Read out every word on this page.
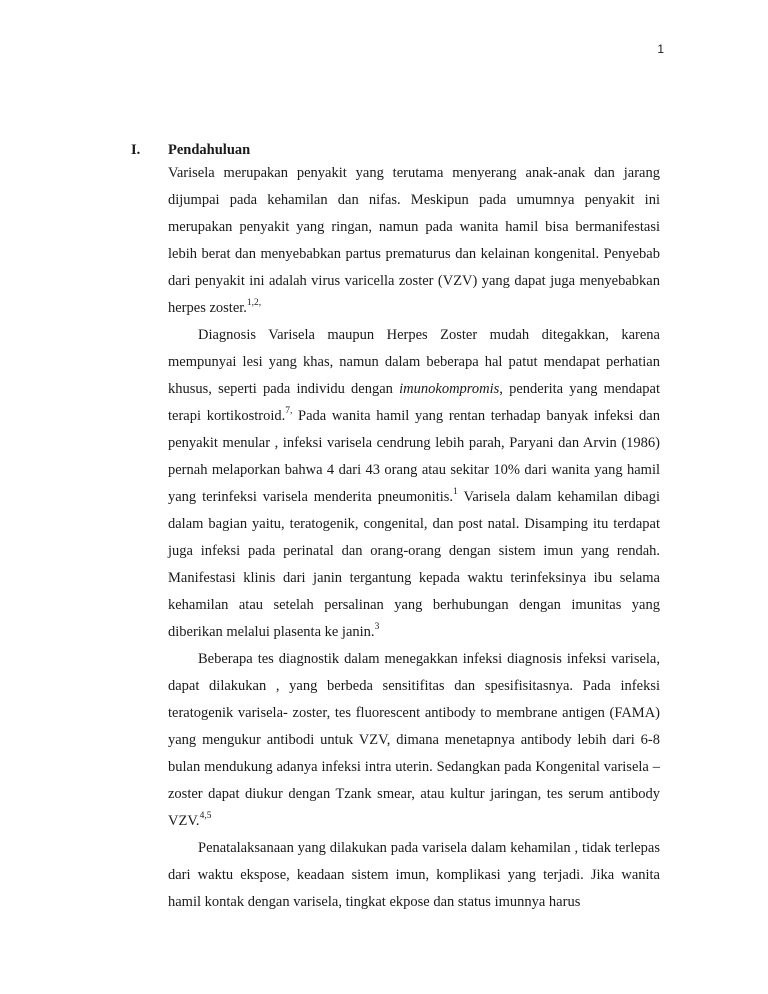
1
I. Pendahuluan

Varisela merupakan penyakit yang terutama menyerang anak-anak dan jarang dijumpai pada kehamilan dan nifas. Meskipun pada umumnya penyakit ini merupakan penyakit yang ringan, namun pada wanita hamil bisa bermanifestasi lebih berat dan menyebabkan partus prematurus dan kelainan kongenital. Penyebab dari penyakit ini adalah virus varicella zoster (VZV) yang dapat juga menyebabkan herpes zoster.$^{1,2,}$

Diagnosis Varisela maupun Herpes Zoster mudah ditegakkan, karena mempunyai lesi yang khas, namun dalam beberapa hal patut mendapat perhatian khusus, seperti pada individu dengan imunokompromis, penderita yang mendapat terapi kortikostroid.$^{7,}$ Pada wanita hamil yang rentan terhadap banyak infeksi dan penyakit menular , infeksi varisela cendrung lebih parah, Paryani dan Arvin (1986) pernah melaporkan bahwa 4 dari 43 orang atau sekitar 10% dari wanita yang hamil yang terinfeksi varisela menderita pneumonitis.$^1$ Varisela dalam kehamilan dibagi dalam bagian yaitu, teratogenik, congenital, dan post natal. Disamping itu terdapat juga infeksi pada perinatal dan orang-orang dengan sistem imun yang rendah. Manifestasi klinis dari janin tergantung kepada waktu terinfeksinya ibu selama kehamilan atau setelah persalinan yang berhubungan dengan imunitas yang diberikan melalui plasenta ke janin.$^3$

Beberapa tes diagnostik dalam menegakkan infeksi diagnosis infeksi varisela, dapat dilakukan , yang berbeda sensitifitas dan spesifisitasnya. Pada infeksi teratogenik varisela- zoster, tes fluorescent antibody to membrane antigen (FAMA) yang mengukur antibodi untuk VZV, dimana menetapnya antibody lebih dari 6-8 bulan mendukung adanya infeksi intra uterin. Sedangkan pada Kongenital varisela – zoster dapat diukur dengan Tzank smear, atau kultur jaringan, tes serum antibody VZV.$^{4,5}$

Penatalaksanaan yang dilakukan pada varisela dalam kehamilan , tidak terlepas dari waktu ekspose, keadaan sistem imun, komplikasi yang terjadi. Jika wanita hamil kontak dengan varisela, tingkat ekpose dan status imunnya harus
